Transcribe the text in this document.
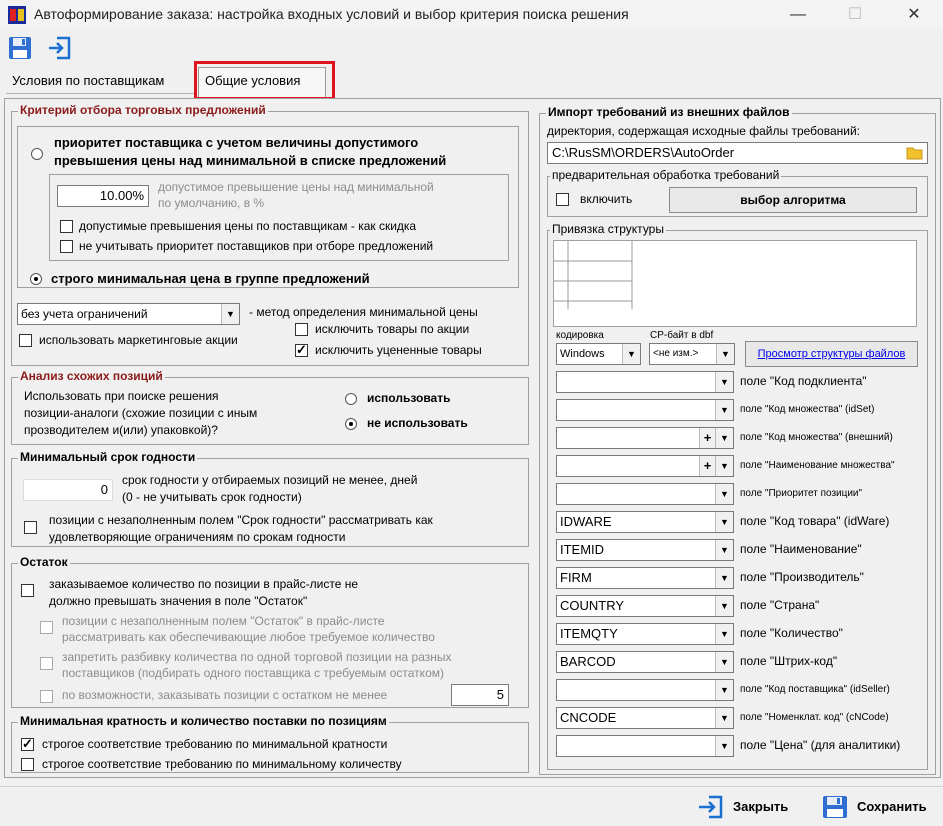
Автоформирование заказа: настройка входных условий и выбор критерия поиска решения	—	☐	✕
Условия по поставщикам	Общие условия
Критерий отбора торговых предложений
приоритет поставщика с учетом величины допустимого
превышения цены над минимальной в списке предложений
10.00%
допустимое превышение цены над минимальной
по умолчанию, в %
допустимые превышения цены по поставщикам - как скидка
не учитывать приоритет поставщиков при отборе предложений
строго минимальная цена в группе предложений
без учета ограничений	▼	- метод определения минимальной цены
использовать маркетинговые акции
исключить товары по акции
✓
исключить уцененные товары
Анализ схожих позиций
Использовать при поиске решения
позиции-аналоги (схожие позиции с иным
прозводителем и(или) упаковкой)?
использовать
не использовать
Минимальный срок годности
0
срок годности у отбираемых позиций не менее, дней
(0 - не учитывать срок годности)
позиции с незаполненным полем "Срок годности" рассматривать как
удовлетворяющие ограничениям по срокам годности
Остаток
заказываемое количество по позиции в прайс-листе не
должно превышать значения в поле "Остаток"
позиции с незаполненным полем "Остаток" в прайс-листе
рассматривать как обеспечивающие любое требуемое количество
запретить разбивку количества по одной торговой позиции на разных
поставщиков (подбирать одного поставщика с требуемым остатком)
по возможности, заказывать позиции с остатком не менее	5
Минимальная кратность и количество поставки по позициям
✓
строгое соответствие требованию по минимальной кратности
строгое соответствие требованию по минимальному количеству
Импорт требований из внешних файлов
директория, содержащая исходные файлы требований:
C:\RusSM\ORDERS\AutoOrder
предварительная обработка требований
включить	выбор алгоритма
Привязка структуры
кодировка	CP-байт в dbf
Windows	▼	<не изм.>	▼	Просмотр структуры файлов
▼ поле "Код подклиента"
▼	поле "Код множества" (idSet)
+ ▼	поле "Код множества" (внешний)
+ ▼	поле "Наименование множества"
▼	поле "Приоритет позиции"
IDWARE	▼ поле "Код товара" (idWare)
ITEMID	▼ поле "Наименование"
FIRM	▼ поле "Производитель"
COUNTRY	▼ поле "Страна"
ITEMQTY	▼ поле "Количество"
BARCOD	▼ поле "Штрих-код"
▼	поле "Код поставщика" (idSeller)
CNCODE	▼	поле "Номенклат. код" (cNCode)
▼ поле "Цена" (для аналитики)
Закрыть	Сохранить
